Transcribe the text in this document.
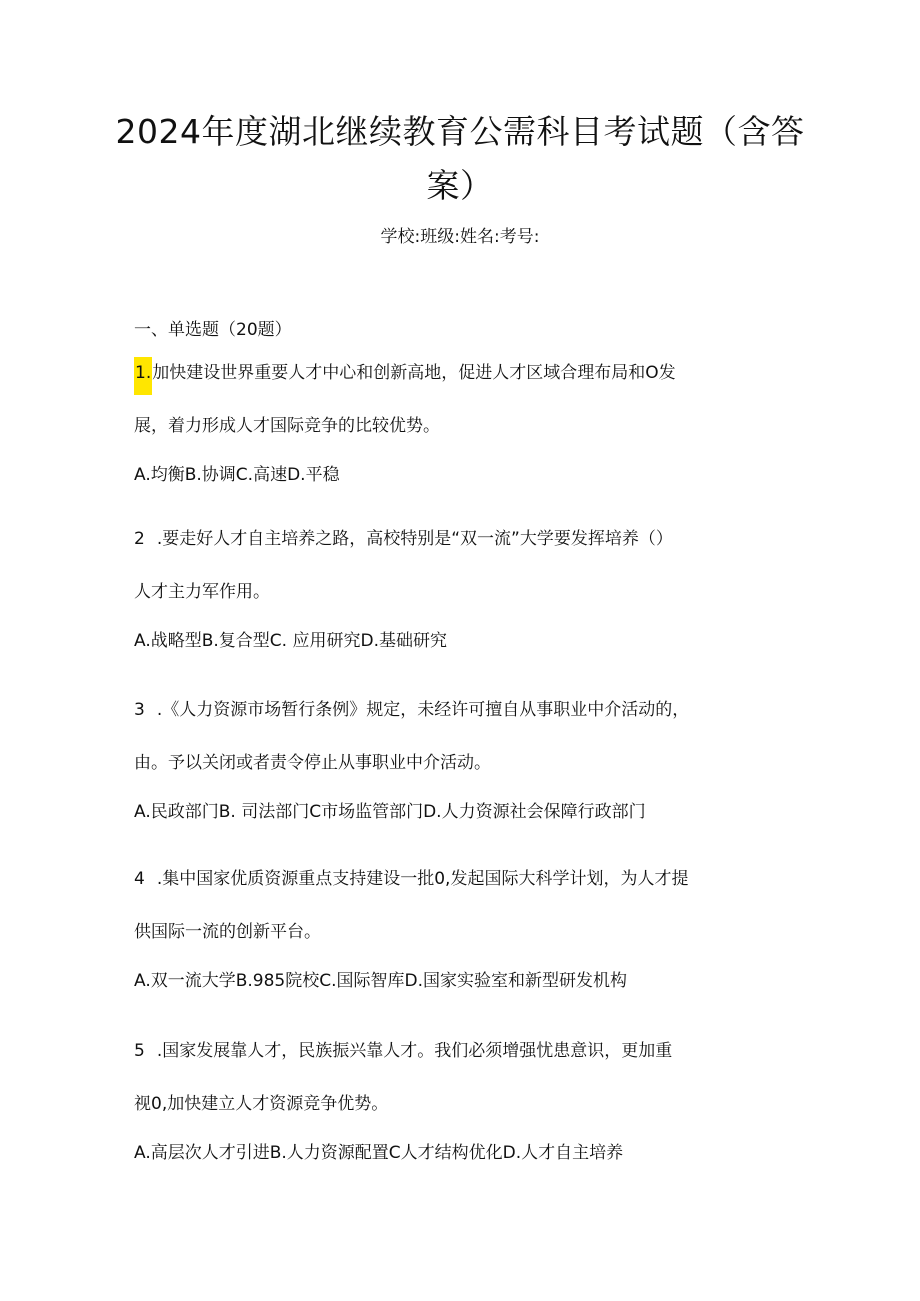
2024年度湖北继续教育公需科目考试题（含答
案）
学校:班级:姓名:考号:
一、单选题（20题）
1.加快建设世界重要人才中心和创新高地，促进人才区域合理布局和O发
展，着力形成人才国际竞争的比较优势。
A.均衡B.协调C.高速D.平稳
2 .要走好人才自主培养之路，高校特别是“双一流”大学要发挥培养（）
人才主力军作用。
A.战略型B.复合型C. 应用研究D.基础研究
3 .《人力资源市场暂行条例》规定，未经许可擅自从事职业中介活动的，
由。予以关闭或者责令停止从事职业中介活动。
A.民政部门B. 司法部门C市场监管部门D.人力资源社会保障行政部门
4 .集中国家优质资源重点支持建设一批0,发起国际大科学计划，为人才提
供国际一流的创新平台。
A.双一流大学B.985院校C.国际智库D.国家实验室和新型研发机构
5 .国家发展靠人才，民族振兴靠人才。我们必须增强忧患意识，更加重
视0,加快建立人才资源竞争优势。
A.高层次人才引进B.人力资源配置C人才结构优化D.人才自主培养
